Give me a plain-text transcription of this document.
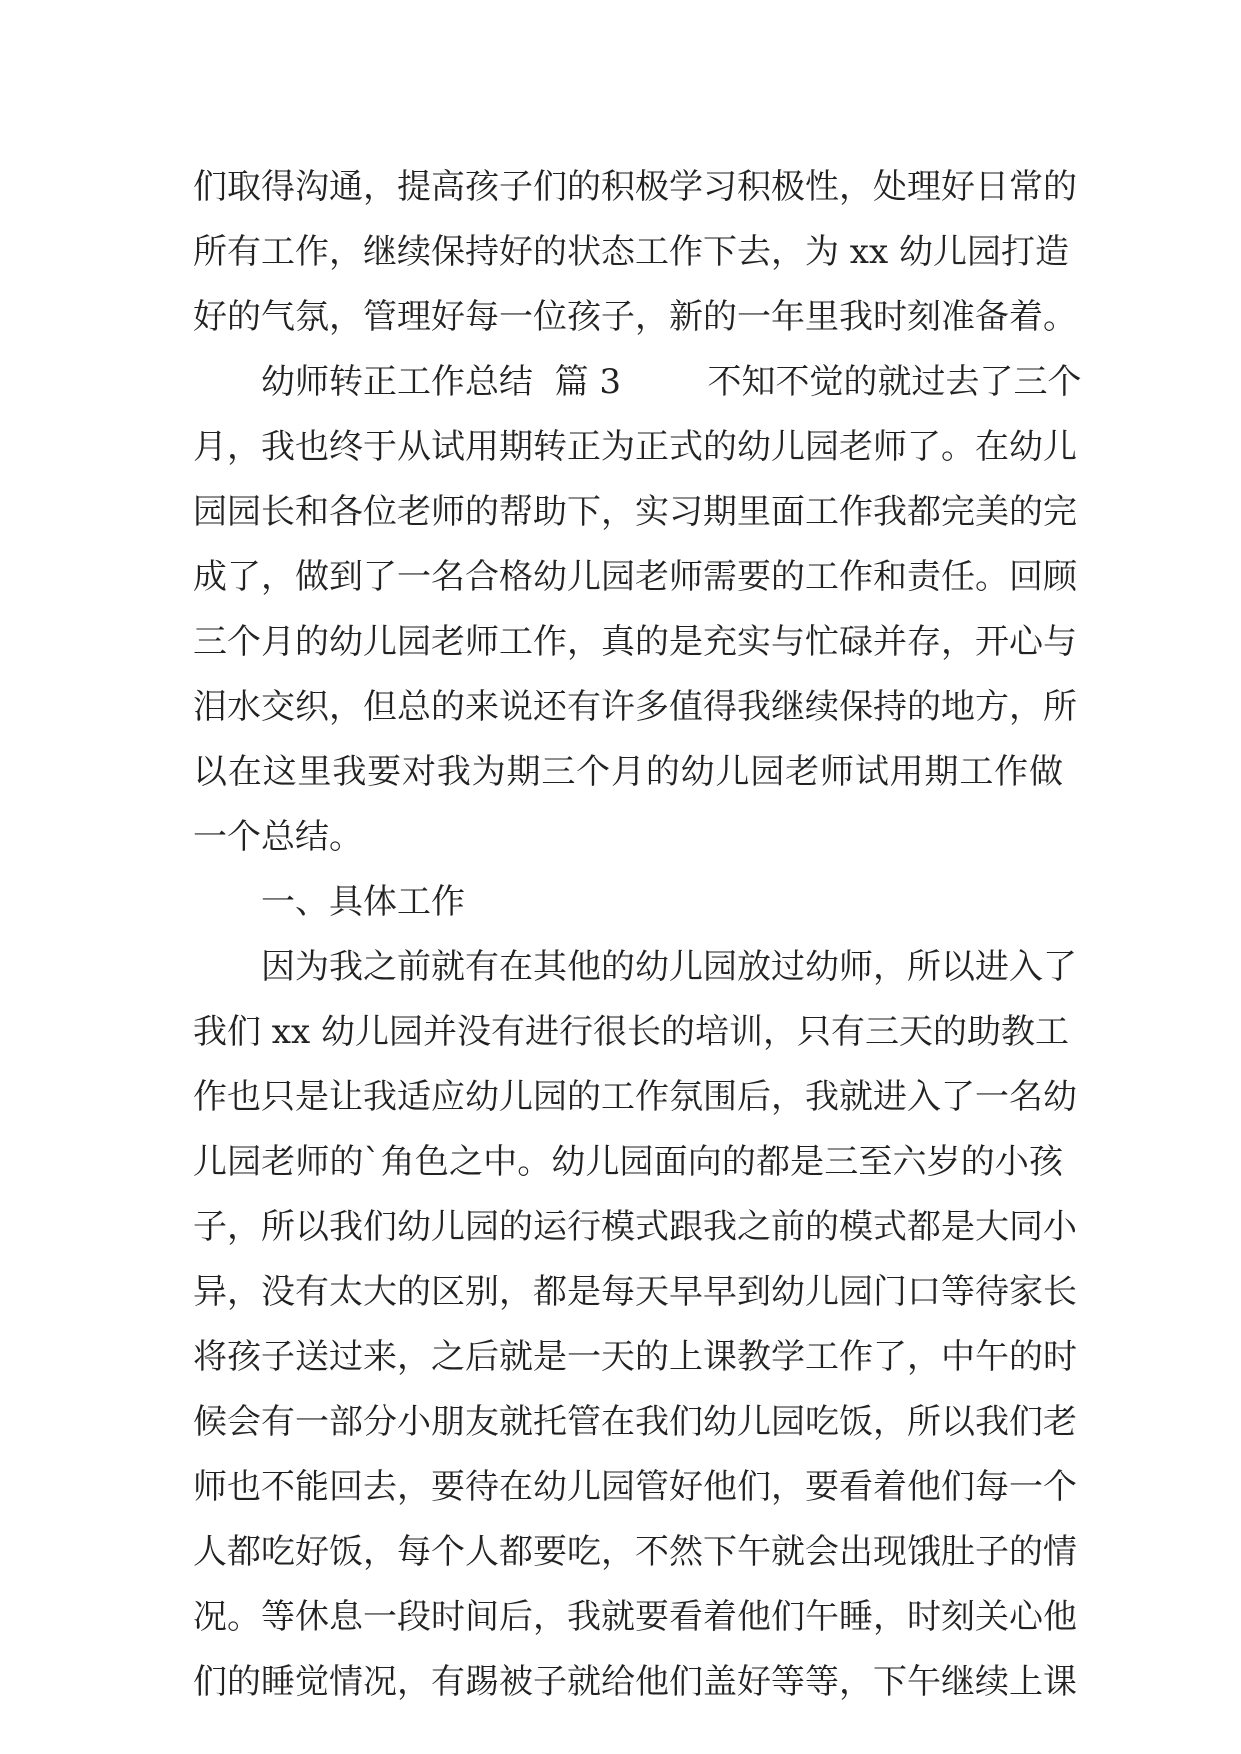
们取得沟通，提高孩子们的积极学习积极性，处理好日常的
所有工作，继续保持好的状态工作下去，为 xx 幼儿园打造
好的气氛，管理好每一位孩子，新的一年里我时刻准备着。
幼师转正工作总结  篇 3        不知不觉的就过去了三个
月，我也终于从试用期转正为正式的幼儿园老师了。在幼儿
园园长和各位老师的帮助下，实习期里面工作我都完美的完
成了，做到了一名合格幼儿园老师需要的工作和责任。回顾
三个月的幼儿园老师工作，真的是充实与忙碌并存，开心与
泪水交织，但总的来说还有许多值得我继续保持的地方，所
以在这里我要对我为期三个月的幼儿园老师试用期工作做
一个总结。
一、具体工作
因为我之前就有在其他的幼儿园放过幼师，所以进入了
我们 xx 幼儿园并没有进行很长的培训，只有三天的助教工
作也只是让我适应幼儿园的工作氛围后，我就进入了一名幼
儿园老师的`角色之中。幼儿园面向的都是三至六岁的小孩
子，所以我们幼儿园的运行模式跟我之前的模式都是大同小
异，没有太大的区别，都是每天早早到幼儿园门口等待家长
将孩子送过来，之后就是一天的上课教学工作了，中午的时
候会有一部分小朋友就托管在我们幼儿园吃饭，所以我们老
师也不能回去，要待在幼儿园管好他们，要看着他们每一个
人都吃好饭，每个人都要吃，不然下午就会出现饿肚子的情
况。等休息一段时间后，我就要看着他们午睡，时刻关心他
们的睡觉情况，有踢被子就给他们盖好等等，下午继续上课
